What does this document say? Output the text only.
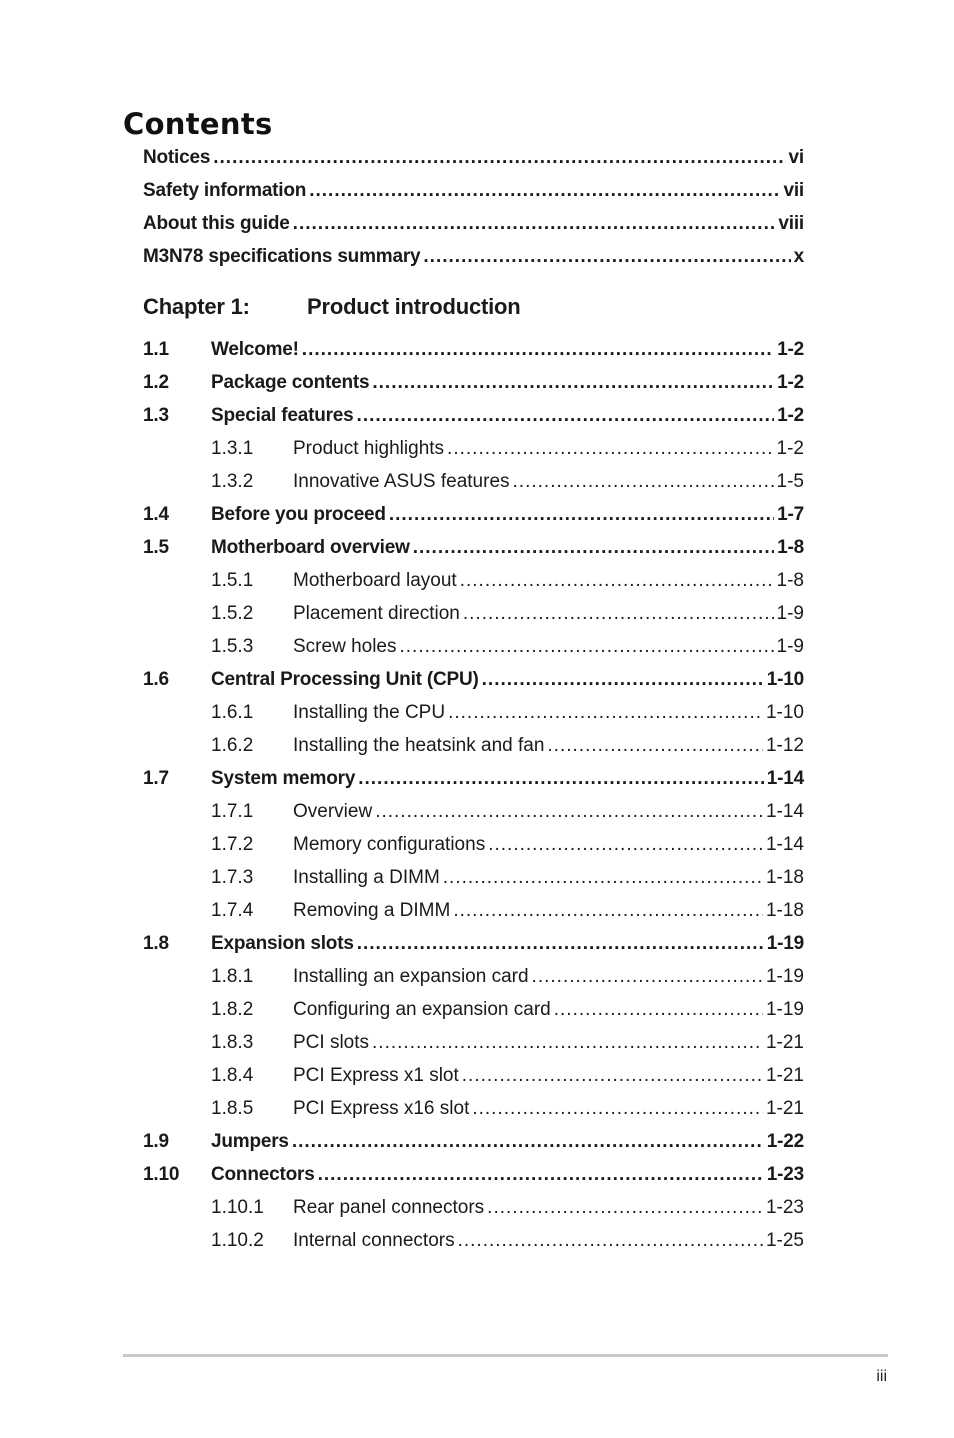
Contents
Notices .....	vi
Safety information .....	vii
About this guide .....	viii
M3N78 specifications summary .....	x
Chapter 1:	Product introduction
1.1	Welcome! .....	1-2
1.2	Package contents .....	1-2
1.3	Special features .....	1-2
1.3.1	Product highlights .....	1-2
1.3.2	Innovative ASUS features .....	1-5
1.4	Before you proceed .....	1-7
1.5	Motherboard overview .....	1-8
1.5.1	Motherboard layout .....	1-8
1.5.2	Placement direction .....	1-9
1.5.3	Screw holes .....	1-9
1.6	Central Processing Unit (CPU) .....	1-10
1.6.1	Installing the CPU .....	1-10
1.6.2	Installing the heatsink and fan .....	1-12
1.7	System memory .....	1-14
1.7.1	Overview .....	1-14
1.7.2	Memory configurations .....	1-14
1.7.3	Installing a DIMM .....	1-18
1.7.4	Removing a DIMM .....	1-18
1.8	Expansion slots .....	1-19
1.8.1	Installing an expansion card .....	1-19
1.8.2	Configuring an expansion card .....	1-19
1.8.3	PCI slots .....	1-21
1.8.4	PCI Express x1 slot .....	1-21
1.8.5	PCI Express x16 slot .....	1-21
1.9	Jumpers .....	1-22
1.10	Connectors .....	1-23
1.10.1	Rear panel connectors .....	1-23
1.10.2	Internal connectors .....	1-25
iii
